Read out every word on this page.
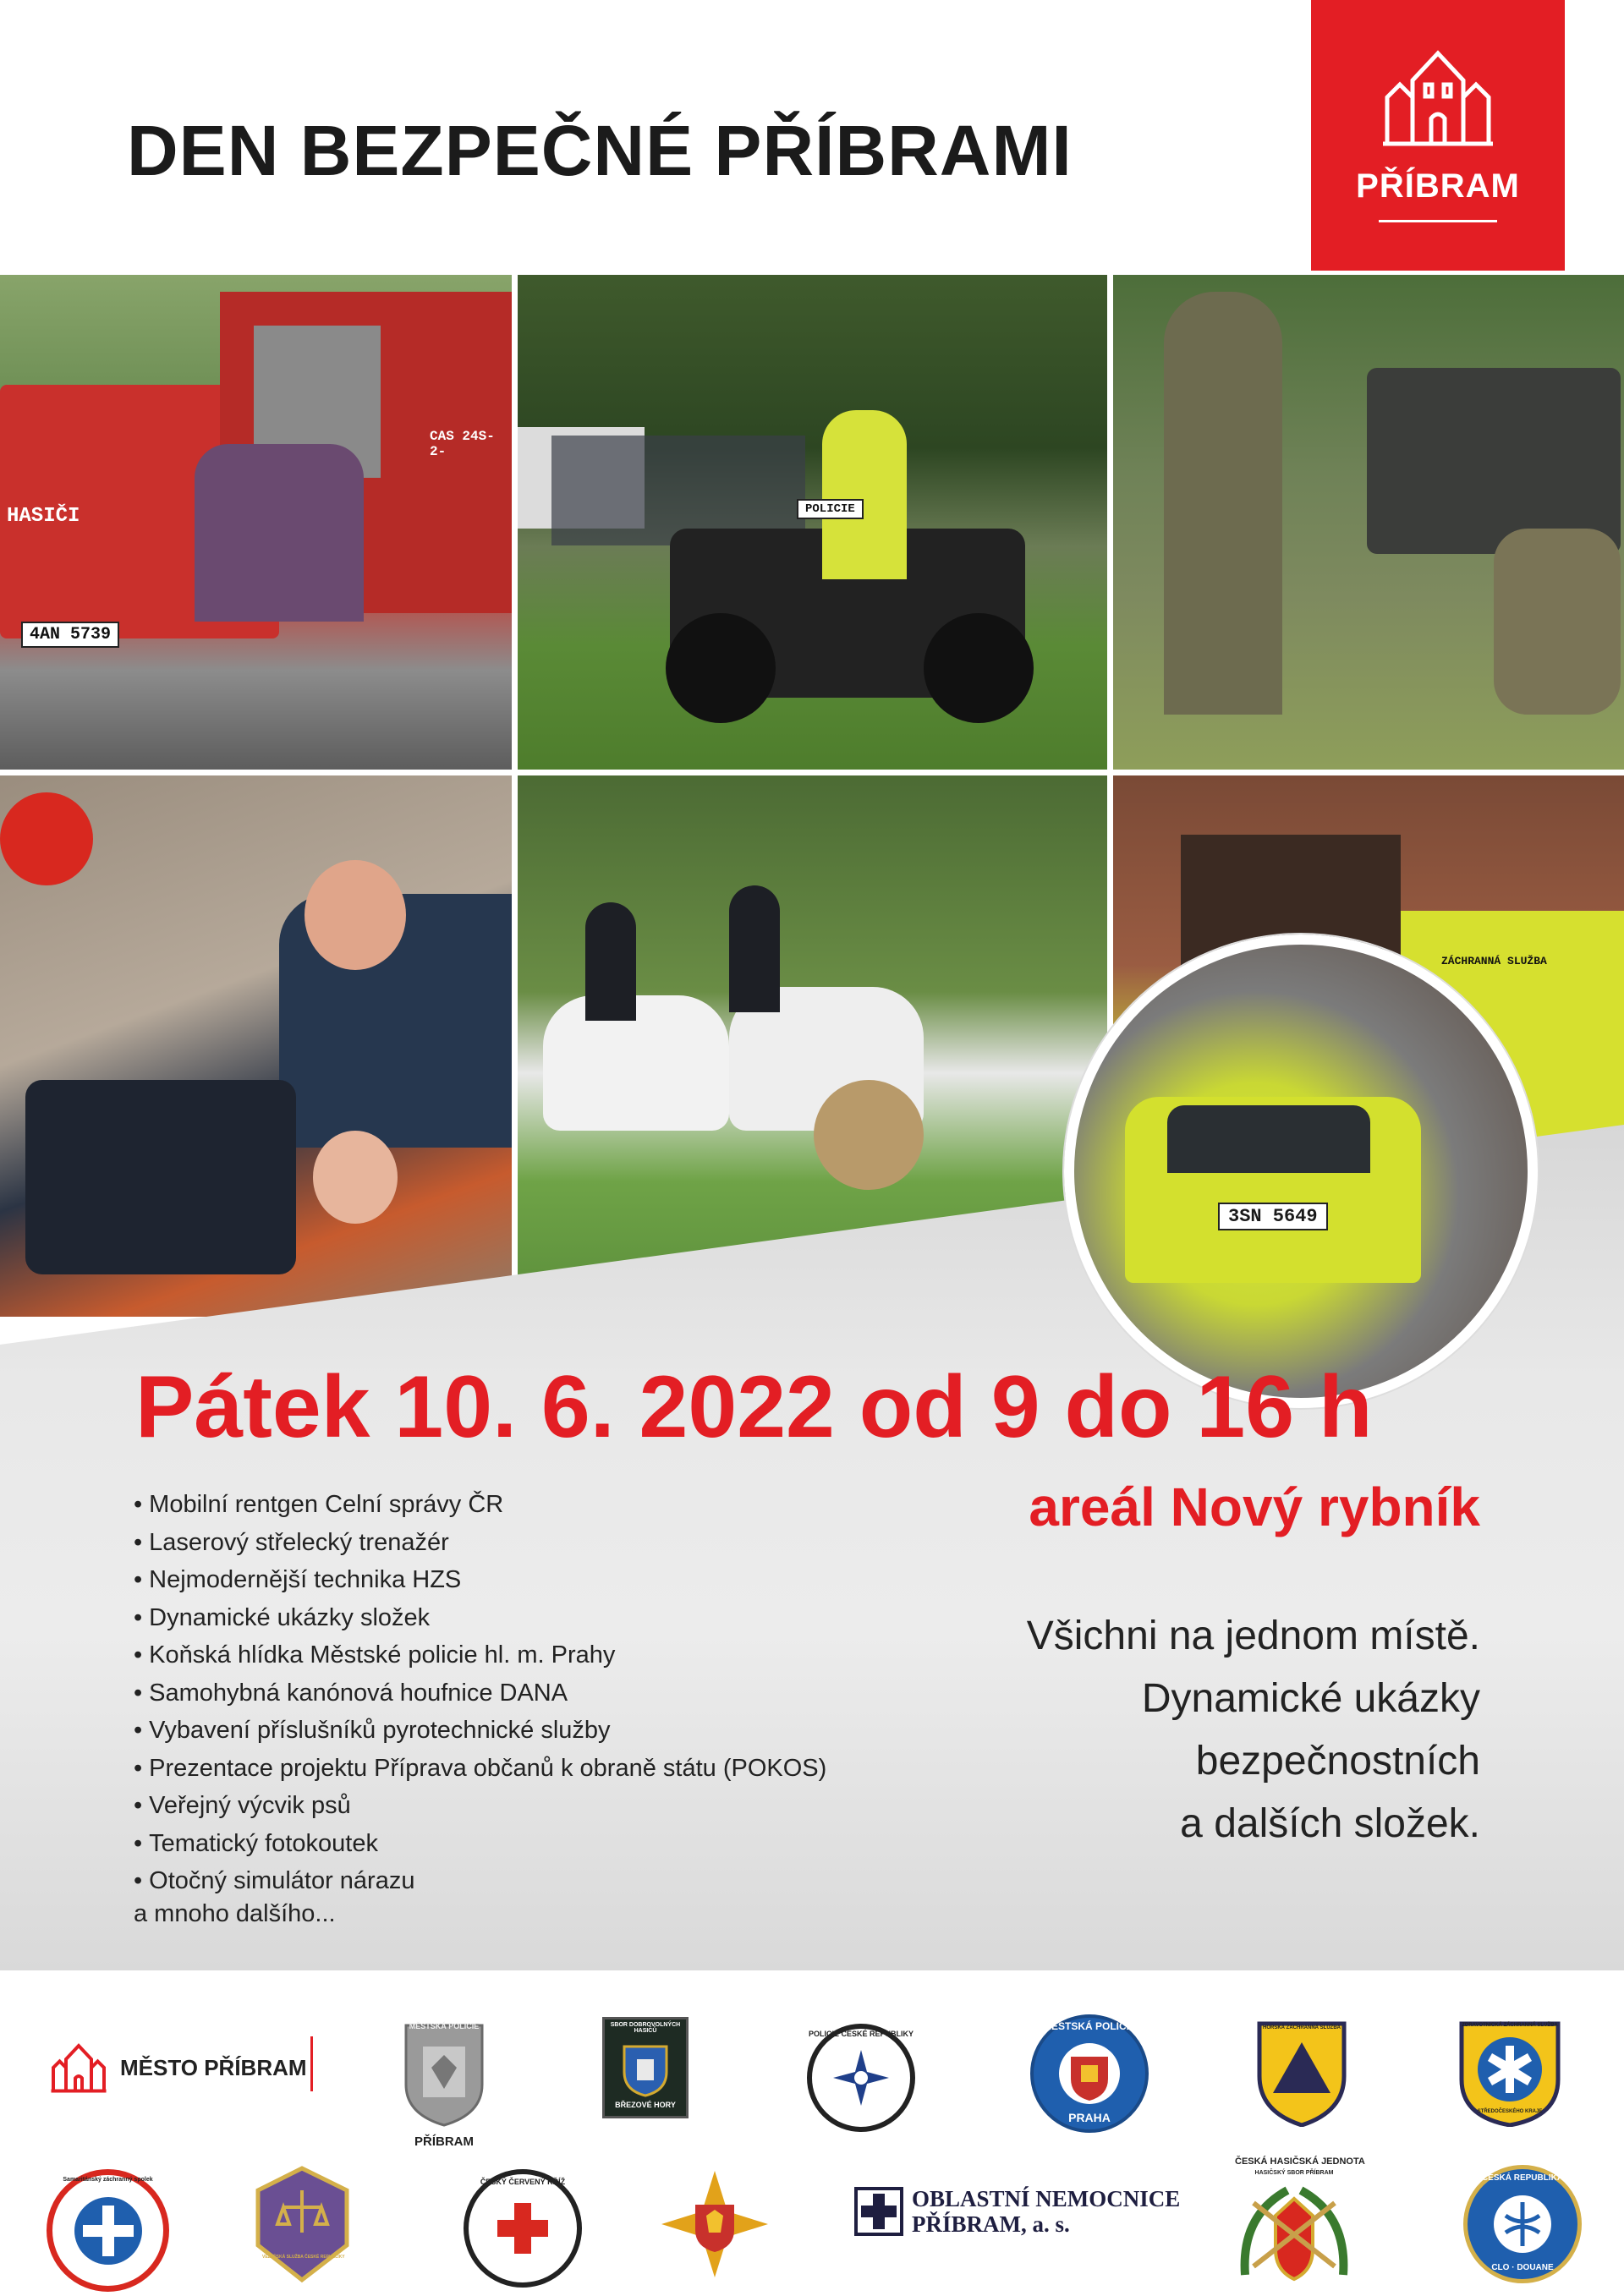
DEN BEZPEČNÉ PŘÍBRAMI	PŘÍBRAM
4AN 5739
CAS 24S-2-
HASIČI	POLICIE
ZÁCHRANNÁ SLUŽBA
3SN 5649
Pátek 10. 6. 2022 od 9 do 16 h
areál Nový rybník
Všichni na jednom místě.
Dynamické ukázky
bezpečnostních
a dalších složek.
• Mobilní rentgen Celní správy ČR
• Laserový střelecký trenažér
• Nejmodernější technika HZS
• Dynamické ukázky složek
• Koňská hlídka Městské policie hl. m. Prahy
• Samohybná kanónová houfnice DANA
• Vybavení příslušníků pyrotechnické služby
• Prezentace projektu Příprava občanů k obraně státu (POKOS)
• Veřejný výcvik psů
• Tematický fotokoutek
• Otočný simulátor nárazu
a mnoho dalšího...
MĚSTO PŘÍBRAM
MĚSTSKÁ POLICIE
PŘÍBRAM
SBOR DOBROVOLNÝCH HASIČŮ
BŘEZOVÉ HORY
POLICIE ČESKÉ REPUBLIKY
MĚSTSKÁ POLICIE
PRAHA
HORSKÁ ZÁCHRANNÁ SLUŽBA	ZDRAVOTNICKÁ ZÁCHRANNÁ SLUŽBA
STŘEDOČESKÉHO KRAJE
Samaritánský záchranný spolek
VĚZEŇSKÁ SLUŽBA ČESKÉ REPUBLIKY
ČESKÝ ČERVENÝ KŘÍŽ
OBLASTNÍ NEMOCNICE
PŘÍBRAM, a. s.
ČESKÁ HASIČSKÁ JEDNOTA
HASIČSKÝ SBOR PŘÍBRAM
ČESKÁ REPUBLIKA
CLO · DOUANE
